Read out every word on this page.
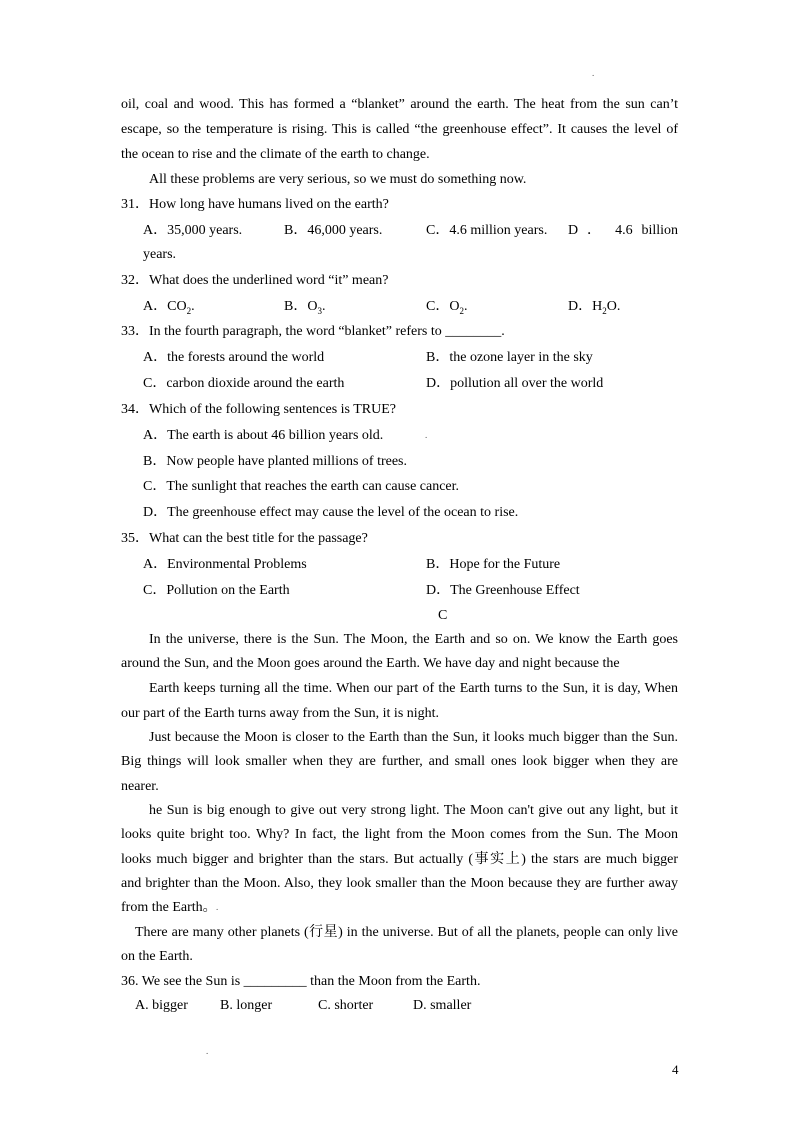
.
oil, coal and wood. This has formed a “blanket” around the earth. The heat from the sun can’t
escape, so the temperature is rising. This is called “the greenhouse effect”. It causes the level of
the ocean to rise and the climate of the earth to change.
All these problems are very serious, so we must do something now.
31．How long have humans lived on the earth?
A．35,000 years.	B．46,000 years.	C．4.6 million years. D ． 4.6 billion
years.
32．What does the underlined word “it” mean?
A．$CO_2$.	B．$O_3$.	C．$O_2$.	D．$H_2O$.
33．In the fourth paragraph, the word “blanket” refers to ________.
A．the forests around the world	B．the ozone layer in the sky
C．carbon dioxide around the earth	D．pollution all over the world
34．Which of the following sentences is TRUE?
A．The earth is about 46 billion years old.	.
B．Now people have planted millions of trees.
C．The sunlight that reaches the earth can cause cancer.
D．The greenhouse effect may cause the level of the ocean to rise.
35．What can the best title for the passage?
A．Environmental Problems	B．Hope for the Future
C．Pollution on the Earth	D．The Greenhouse Effect
C
In the universe, there is the Sun. The Moon, the Earth and so on. We know the Earth goes
around the Sun, and the Moon goes around the Earth. We have day and night because the
Earth keeps turning all the time. When our part of the Earth turns to the Sun, it is day, When
our part of the Earth turns away from the Sun, it is night.
Just because the Moon is closer to the Earth than the Sun, it looks much bigger than the Sun.
Big things will look smaller when they are further, and small ones look bigger when they are
nearer.
he Sun is big enough to give out very strong light. The Moon can't give out any light, but it
looks quite bright too. Why? In fact, the light from the Moon comes from the Sun. The Moon
looks much bigger and brighter than the stars. But actually (事实上) the stars are much bigger
and brighter than the Moon. Also, they look smaller than the Moon because they are further away
from the Earth。 .
There are many other planets (行星) in the universe. But of all the planets, people can only live
on the Earth.
36. We see the Sun is _________ than the Moon from the Earth.
A. bigger B. longer	C. shorter	D. smaller
.
4
